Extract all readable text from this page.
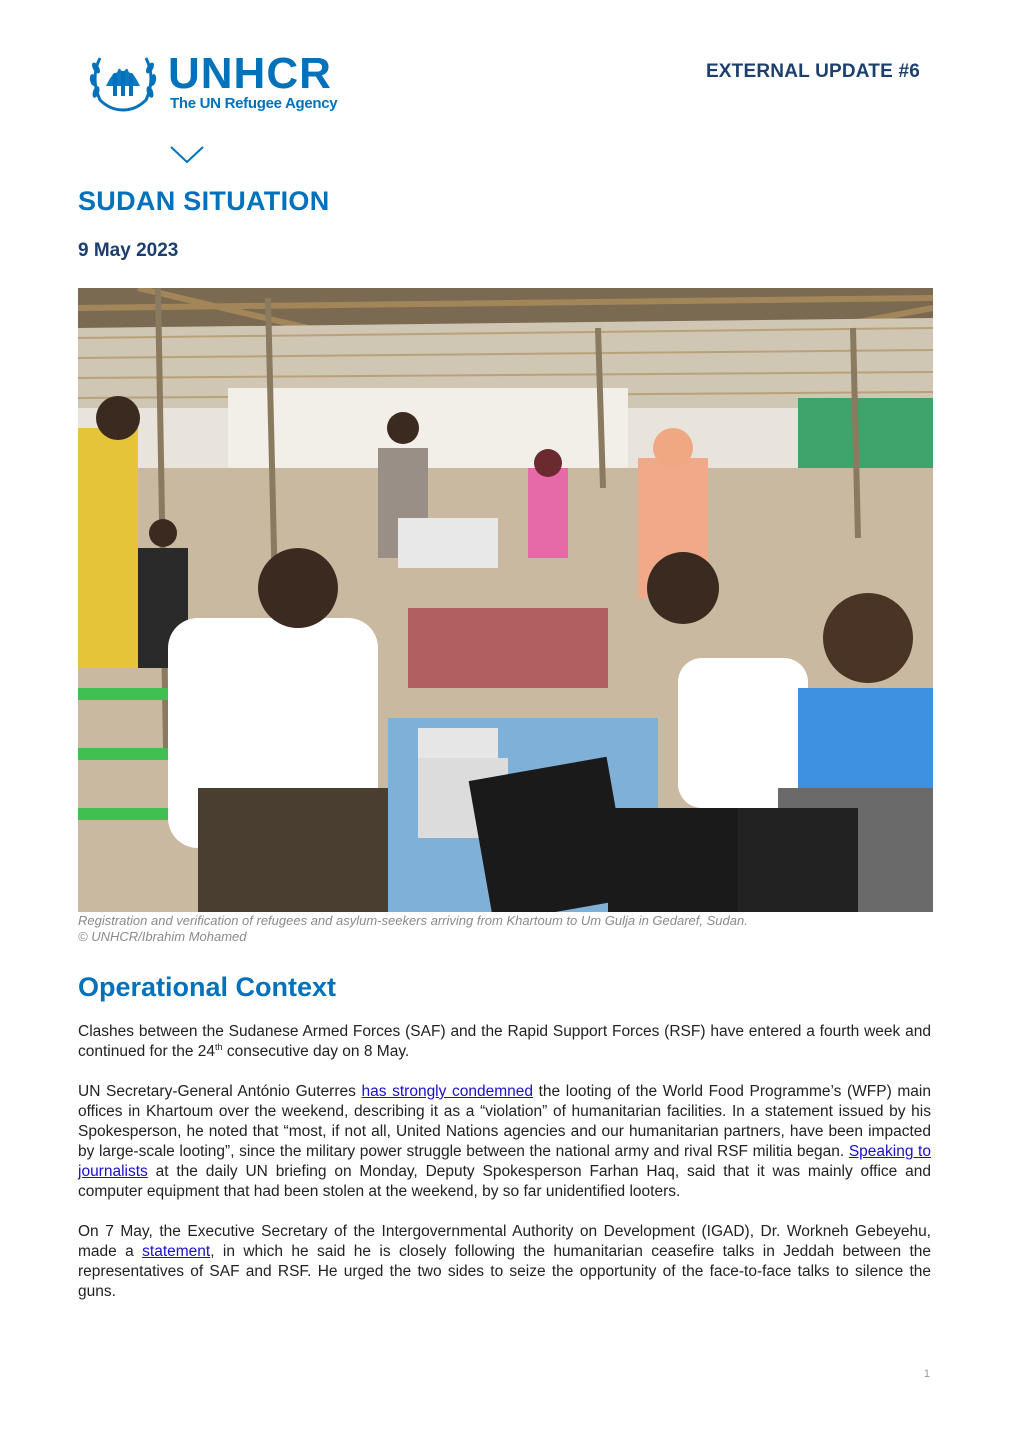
UNHCR
The UN Refugee Agency
EXTERNAL UPDATE #6
SUDAN SITUATION
9 May 2023

Registration and verification of refugees and asylum-seekers arriving from Khartoum to Um Gulja in Gedaref, Sudan.

© UNHCR/Ibrahim Mohamed

Operational Context

Clashes between the Sudanese Armed Forces (SAF) and the Rapid Support Forces (RSF) have entered a fourth week and continued for the 24th consecutive day on 8 May.

UN Secretary-General António Guterres has strongly condemned the looting of the World Food Programme’s (WFP) main offices in Khartoum over the weekend, describing it as a “violation” of humanitarian facilities. In a statement issued by his Spokesperson, he noted that “most, if not all, United Nations agencies and our humanitarian partners, have been impacted by large-scale looting”, since the military power struggle between the national army and rival RSF militia began. Speaking to journalists at the daily UN briefing on Monday, Deputy Spokesperson Farhan Haq, said that it was mainly office and computer equipment that had been stolen at the weekend, by so far unidentified looters.

On 7 May, the Executive Secretary of the Intergovernmental Authority on Development (IGAD), Dr. Workneh Gebeyehu, made a statement, in which he said he is closely following the humanitarian ceasefire talks in Jeddah between the representatives of SAF and RSF. He urged the two sides to seize the opportunity of the face-to-face talks to silence the guns.

1
